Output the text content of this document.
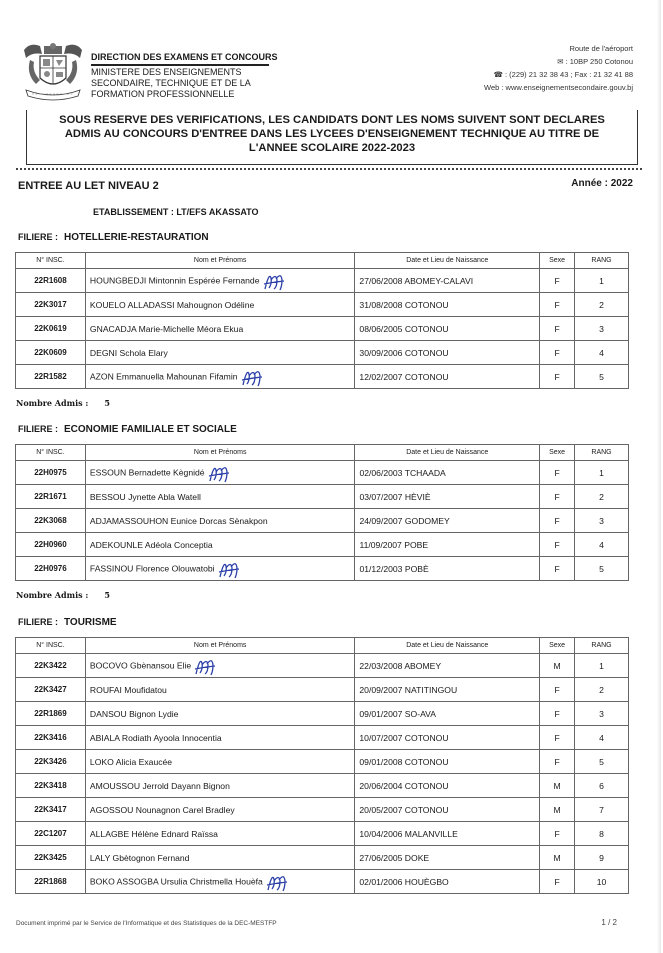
DIRECTION DES EXAMENS ET CONCOURS
MINISTERE DES ENSEIGNEMENTS
SECONDAIRE, TECHNIQUE ET DE LA
FORMATION PROFESSIONNELLE
Route de l'aéroport
✉ : 10BP 250 Cotonou
☎ : (229) 21 32 38 43 ; Fax : 21 32 41 88
Web : www.enseignementsecondaire.gouv.bj
SOUS RESERVE DES VERIFICATIONS, LES CANDIDATS DONT LES NOMS SUIVENT SONT DECLARES
ADMIS AU CONCOURS D'ENTREE DANS LES LYCEES D'ENSEIGNEMENT TECHNIQUE AU TITRE DE
L'ANNEE SCOLAIRE 2022-2023
ENTREE AU LET NIVEAU 2	Année : 2022
ETABLISSEMENT : LT/EFS AKASSATO
FILIERE : HOTELLERIE-RESTAURATION
N° INSC.	Nom et Prénoms	Date et Lieu de Naissance	Sexe	RANG
22R1608	HOUNGBEDJI Mintonnin Espérée Fernande	27/06/2008 ABOMEY-CALAVI	F	1
22K3017	KOUELO ALLADASSI Mahougnon Odéline	31/08/2008 COTONOU	F	2
22K0619	GNACADJA Marie-Michelle Méora Ekua	08/06/2005 COTONOU	F	3
22K0609	DEGNI Schola Elary	30/09/2006 COTONOU	F	4
22R1582	AZON Emmanuella Mahounan Fifamin	12/02/2007 COTONOU	F	5
Nombre Admis : 5
FILIERE : ECONOMIE FAMILIALE ET SOCIALE
N° INSC.	Nom et Prénoms	Date et Lieu de Naissance	Sexe	RANG
22H0975	ESSOUN Bernadette Kègnidé	02/06/2003 TCHAADA	F	1
22R1671	BESSOU Jynette Abla Watell	03/07/2007 HÈVIÈ	F	2
22K3068	ADJAMASSOUHON Eunice Dorcas Sènakpon	24/09/2007 GODOMEY	F	3
22H0960	ADEKOUNLE Adéola Conceptia	11/09/2007 POBE	F	4
22H0976	FASSINOU Florence Olouwatobi	01/12/2003 POBÈ	F	5
Nombre Admis : 5
FILIERE : TOURISME
N° INSC.	Nom et Prénoms	Date et Lieu de Naissance	Sexe	RANG
22K3422	BOCOVO Gbènansou Elie	22/03/2008 ABOMEY	M	1
22K3427	ROUFAI Moufidatou	20/09/2007 NATITINGOU	F	2
22R1869	DANSOU Bignon Lydie	09/01/2007 SO-AVA	F	3
22K3416	ABIALA Rodiath Ayoola Innocentia	10/07/2007 COTONOU	F	4
22K3426	LOKO Alicia Exaucée	09/01/2008 COTONOU	F	5
22K3418	AMOUSSOU Jerrold Dayann Bignon	20/06/2004 COTONOU	M	6
22K3417	AGOSSOU Nounagnon Carel Bradley	20/05/2007 COTONOU	M	7
22C1207	ALLAGBE Hélène Ednard Raïssa	10/04/2006 MALANVILLE	F	8
22K3425	LALY Gbètognon Fernand	27/06/2005 DOKE	M	9
22R1868	BOKO ASSOGBA Ursulia Christmella Houèfa	02/01/2006 HOUÈGBO	F	10
Document imprimé par le Service de l'Informatique et des Statistiques de la DEC-MESTFP	1 / 2
